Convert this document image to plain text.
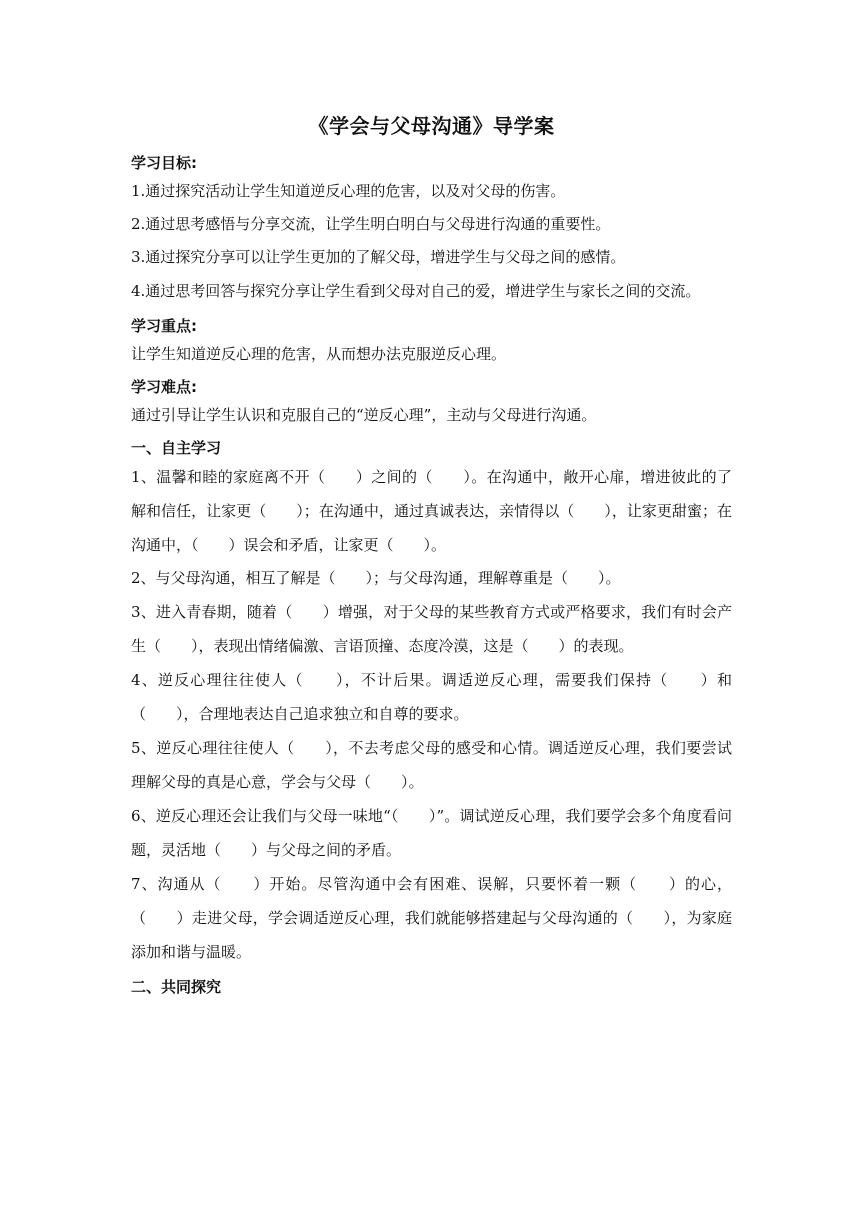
《学会与父母沟通》导学案
学习目标:
1.通过探究活动让学生知道逆反心理的危害，以及对父母的伤害。
2.通过思考感悟与分享交流，让学生明白明白与父母进行沟通的重要性。
3.通过探究分享可以让学生更加的了解父母，增进学生与父母之间的感情。
4.通过思考回答与探究分享让学生看到父母对自己的爱，增进学生与家长之间的交流。
学习重点:
让学生知道逆反心理的危害，从而想办法克服逆反心理。
学习难点:
通过引导让学生认识和克服自己的“逆反心理”，主动与父母进行沟通。
一、自主学习
1、温馨和睦的家庭离不开（　　）之间的（　　）。在沟通中，敞开心扉，增进彼此的了解和信任，让家更（　　）；在沟通中，通过真诚表达，亲情得以（　　），让家更甜蜜；在沟通中，（　　）误会和矛盾，让家更（　　）。
2、与父母沟通，相互了解是（　　）；与父母沟通，理解尊重是（　　）。
3、进入青春期，随着（　　）增强，对于父母的某些教育方式或严格要求，我们有时会产生（　　），表现出情绪偏激、言语顶撞、态度冷漠，这是（　　）的表现。
4、逆反心理往往使人（　　），不计后果。调适逆反心理，需要我们保持（　　）和（　　），合理地表达自己追求独立和自尊的要求。
5、逆反心理往往使人（　　），不去考虑父母的感受和心情。调适逆反心理，我们要尝试理解父母的真是心意，学会与父母（　　）。
6、逆反心理还会让我们与父母一味地“（　　）”。调试逆反心理，我们要学会多个角度看问题，灵活地（　　）与父母之间的矛盾。
7、沟通从（　　）开始。尽管沟通中会有困难、误解，只要怀着一颗（　　）的心，（　　）走进父母，学会调适逆反心理，我们就能够搭建起与父母沟通的（　　），为家庭添加和谐与温暖。
二、共同探究
